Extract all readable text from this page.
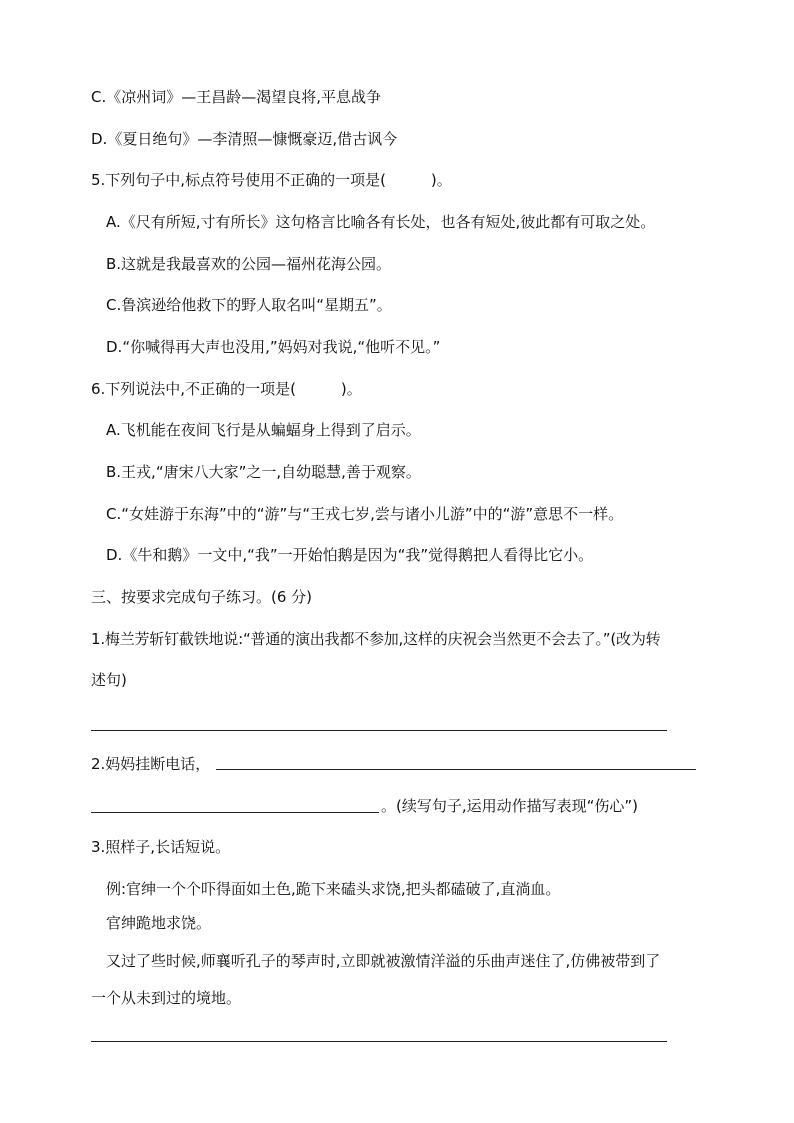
C.《凉州词》—王昌龄—渴望良将,平息战争
D.《夏日绝句》—李清照—慷慨豪迈,借古讽今
5.下列句子中,标点符号使用不正确的一项是(　　　)。
A.《尺有所短,寸有所长》这句格言比喻各有长处，也各有短处,彼此都有可取之处。
B.这就是我最喜欢的公园—福州花海公园。
C.鲁滨逊给他救下的野人取名叫“星期五”。
D.“你喊得再大声也没用,”妈妈对我说,“他听不见。”
6.下列说法中,不正确的一项是(　　　)。
A.飞机能在夜间飞行是从蝙蝠身上得到了启示。
B.王戎,“唐宋八大家”之一,自幼聪慧,善于观察。
C.“女娃游于东海”中的“游”与“王戎七岁,尝与诸小儿游”中的“游”意思不一样。
D.《牛和鹅》一文中,“我”一开始怕鹅是因为“我”觉得鹅把人看得比它小。
三、按要求完成句子练习。(6 分)
1.梅兰芳斩钉截铁地说:“普通的演出我都不参加,这样的庆祝会当然更不会去了。”(改为转
述句)
2.妈妈挂断电话，
。(续写句子,运用动作描写表现“伤心”)
3.照样子,长话短说。
例:官绅一个个吓得面如土色,跪下来磕头求饶,把头都磕破了,直淌血。
官绅跪地求饶。
又过了些时候,师襄听孔子的琴声时,立即就被激情洋溢的乐曲声迷住了,仿佛被带到了
一个从未到过的境地。
